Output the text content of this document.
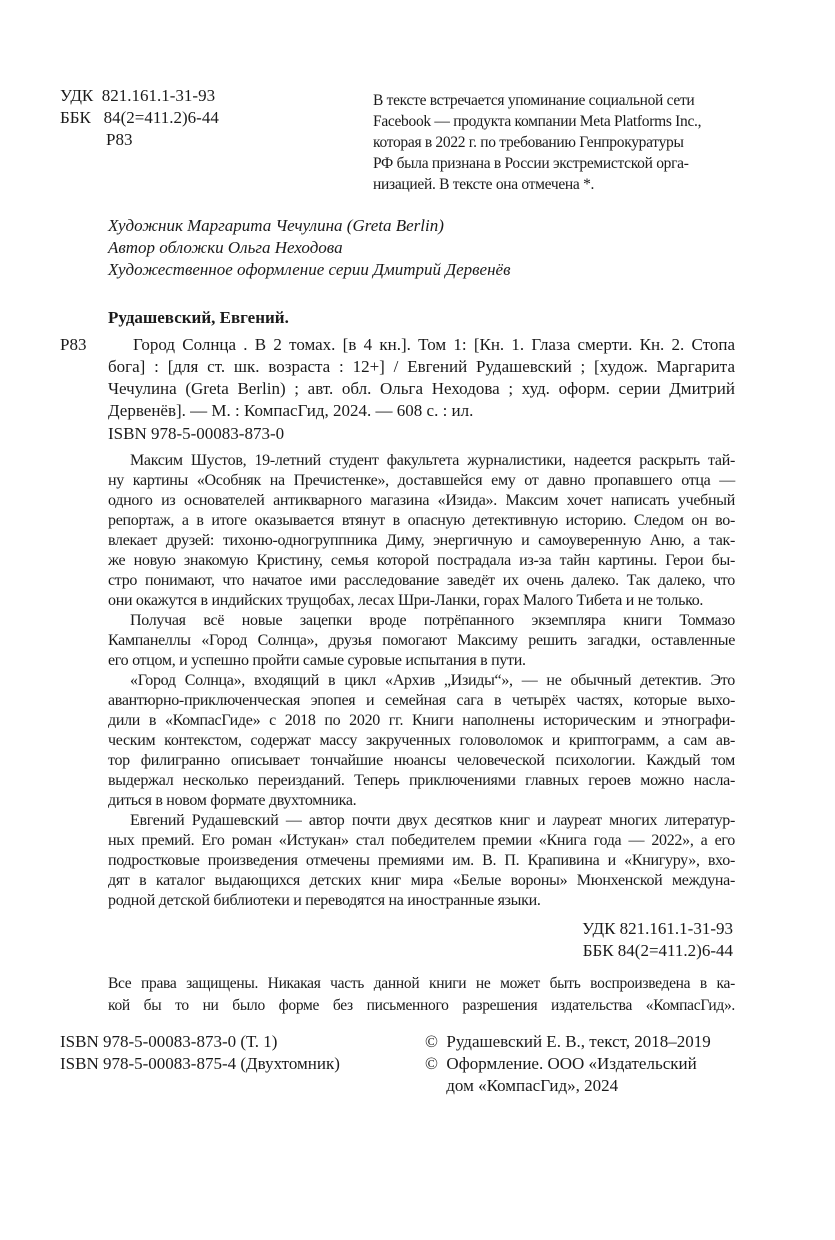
УДК 821.161.1-31-93
ББК 84(2=411.2)6-44
Р83
В тексте встречается упоминание социальной сети
Facebook — продукта компании Meta Platforms Inc.,
которая в 2022 г. по требованию Генпрокуратуры
РФ была признана в России экстремистской орга-
низацией. В тексте она отмечена *.
Художник Маргарита Чечулина (Greta Berlin)
Автор обложки Ольга Неходова
Художественное оформление серии Дмитрий Дервенёв
Рудашевский, Евгений.
Р83	Город Солнца . В 2 томах. [в 4 кн.]. Том 1: [Кн. 1. Глаза смерти. Кн. 2. Стопа
бога] : [для ст. шк. возраста : 12+] / Евгений Рудашевский ; [худож. Маргарита
Чечулина (Greta Berlin) ; авт. обл. Ольга Неходова ; худ. оформ. серии Дмитрий
Дервенёв]. — М. : КомпасГид, 2024. — 608 с. : ил.
ISBN 978-5-00083-873-0
Максим Шустов, 19-летний студент факультета журналистики, надеется раскрыть тай-
ну картины «Особняк на Пречистенке», доставшейся ему от давно пропавшего отца —
одного из основателей антикварного магазина «Изида». Максим хочет написать учебный
репортаж, а в итоге оказывается втянут в опасную детективную историю. Следом он во-
влекает друзей: тихоню-одногруппника Диму, энергичную и самоуверенную Аню, а так-
же новую знакомую Кристину, семья которой пострадала из-за тайн картины. Герои бы-
стро понимают, что начатое ими расследование заведёт их очень далеко. Так далеко, что
они окажутся в индийских трущобах, лесах Шри-Ланки, горах Малого Тибета и не только.
Получая всё новые зацепки вроде потрёпанного экземпляра книги Томмазо
Кампанеллы «Город Солнца», друзья помогают Максиму решить загадки, оставленные
его отцом, и успешно пройти самые суровые испытания в пути.
«Город Солнца», входящий в цикл «Архив „Изиды“», — не обычный детектив. Это
авантюрно-приключенческая эпопея и семейная сага в четырёх частях, которые выхо-
дили в «КомпасГиде» с 2018 по 2020 гг. Книги наполнены историческим и этнографи-
ческим контекстом, содержат массу закрученных головоломок и криптограмм, а сам ав-
тор филигранно описывает тончайшие нюансы человеческой психологии. Каждый том
выдержал несколько переизданий. Теперь приключениями главных героев можно насла-
диться в новом формате двухтомника.
Евгений Рудашевский — автор почти двух десятков книг и лауреат многих литератур-
ных премий. Его роман «Истукан» стал победителем премии «Книга года — 2022», а его
подростковые произведения отмечены премиями им. В. П. Крапивина и «Книгуру», вхо-
дят в каталог выдающихся детских книг мира «Белые вороны» Мюнхенской междуна-
родной детской библиотеки и переводятся на иностранные языки.
УДК 821.161.1-31-93
ББК 84(2=411.2)6-44
Все права защищены. Никакая часть данной книги не может быть воспроизведена в ка-
кой бы то ни было форме без письменного разрешения издательства «КомпасГид».
ISBN 978-5-00083-873-0 (Т. 1)
ISBN 978-5-00083-875-4 (Двухтомник)
©  Рудашевский Е. В., текст, 2018–2019
©  Оформление. ООО «Издательский
дом «КомпасГид», 2024
